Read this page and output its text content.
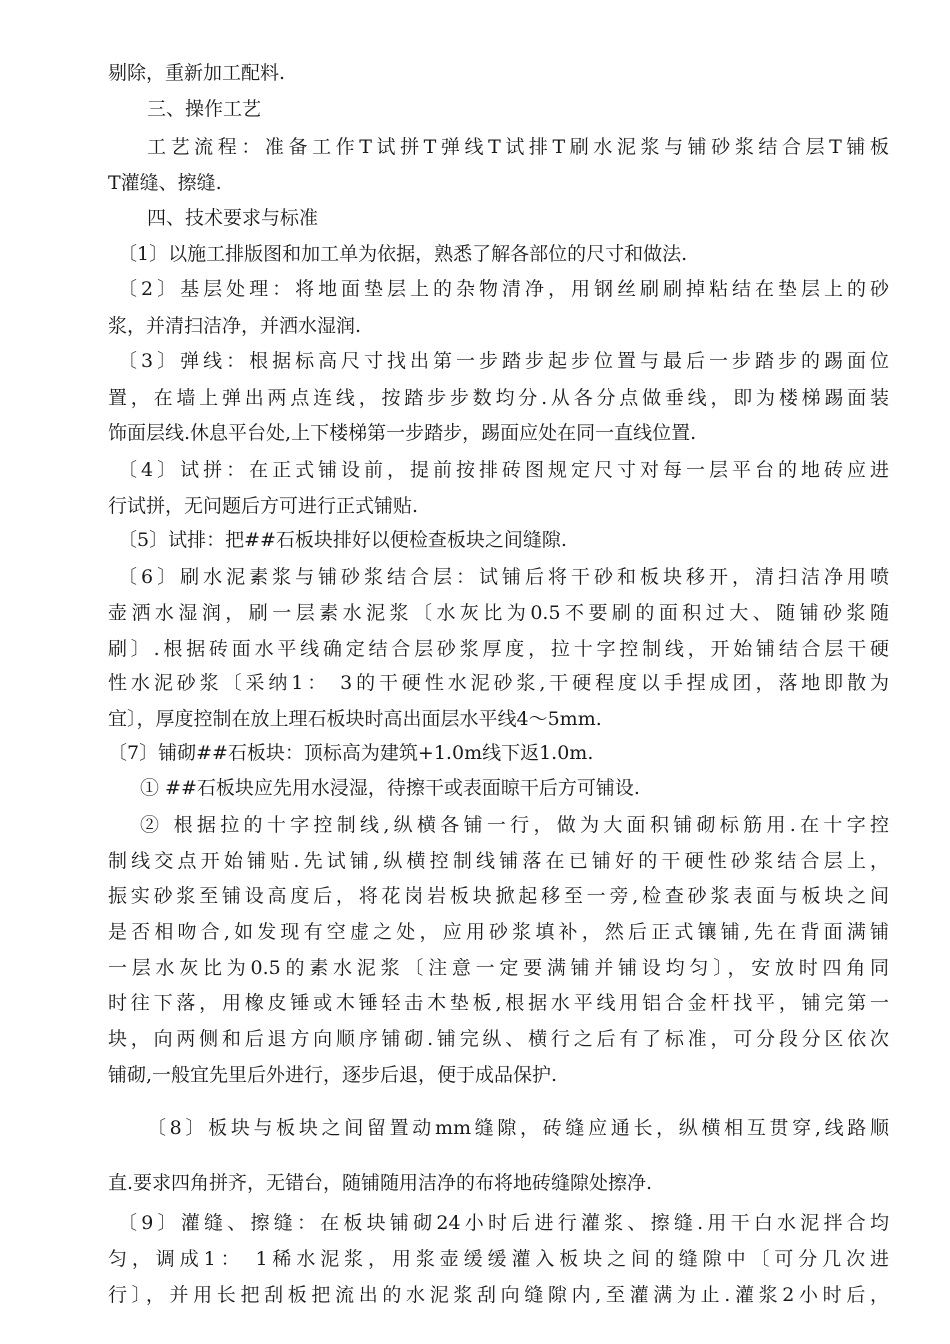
剔除，重新加工配料.
三、操作工艺
工艺流程：准备工作T试拼T弹线T试排T刷水泥浆与铺砂浆结合层T铺板
T灌缝、擦缝.
四、技术要求与标准
〔1〕以施工排版图和加工单为依据，熟悉了解各部位的尺寸和做法.
〔2〕基层处理：将地面垫层上的杂物清净，用钢丝刷刷掉粘结在垫层上的砂
浆，并清扫洁净，并洒水湿润.
〔3〕弹线：根据标高尺寸找出第一步踏步起步位置与最后一步踏步的踢面位
置，在墙上弹出两点连线，按踏步步数均分.从各分点做垂线，即为楼梯踢面装
饰面层线.休息平台处,上下楼梯第一步踏步，踢面应处在同一直线位置.
〔4〕试拼：在正式铺设前，提前按排砖图规定尺寸对每一层平台的地砖应进
行试拼，无问题后方可进行正式铺贴.
〔5〕试排：把##石板块排好以便检查板块之间缝隙.
〔6〕刷水泥素浆与铺砂浆结合层：试铺后将干砂和板块移开，清扫洁净用喷
壶洒水湿润，刷一层素水泥浆〔水灰比为0.5不要刷的面积过大、随铺砂浆随
刷〕.根据砖面水平线确定结合层砂浆厚度，拉十字控制线，开始铺结合层干硬
性水泥砂浆〔采纳1： 3的干硬性水泥砂浆,干硬程度以手捏成团，落地即散为
宜〕，厚度控制在放上理石板块时高出面层水平线4〜5mm.
〔7〕铺砌##石板块：顶标高为建筑+1.0m线下返1.0m.
① ##石板块应先用水浸湿，待擦干或表面晾干后方可铺设.
② 根据拉的十字控制线,纵横各铺一行，做为大面积铺砌标筋用.在十字控
制线交点开始铺贴.先试铺,纵横控制线铺落在已铺好的干硬性砂浆结合层上，
振实砂浆至铺设高度后，将花岗岩板块掀起移至一旁,检查砂浆表面与板块之间
是否相吻合,如发现有空虚之处，应用砂浆填补，然后正式镶铺,先在背面满铺
一层水灰比为0.5的素水泥浆〔注意一定要满铺并铺设均匀〕，安放时四角同
时往下落，用橡皮锤或木锤轻击木垫板,根据水平线用铝合金杆找平，铺完第一
块，向两侧和后退方向顺序铺砌.铺完纵、横行之后有了标准，可分段分区依次
铺砌,一般宜先里后外进行，逐步后退，便于成品保护.
〔8〕板块与板块之间留置动mm缝隙，砖缝应通长，纵横相互贯穿,线路顺
直.要求四角拼齐，无错台，随铺随用洁净的布将地砖缝隙处擦净.
〔9〕灌缝、擦缝：在板块铺砌24小时后进行灌浆、擦缝.用干白水泥拌合均
匀，调成1： 1稀水泥浆，用浆壶缓缓灌入板块之间的缝隙中〔可分几次进
行〕，并用长把刮板把流出的水泥浆刮向缝隙内,至灌满为止.灌浆2小时后，
